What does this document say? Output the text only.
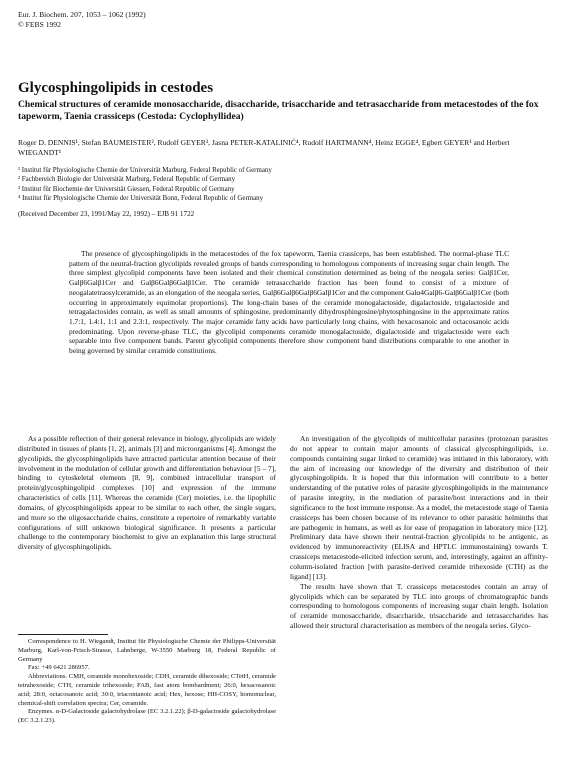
Eur. J. Biochem. 207, 1053 – 1062 (1992)
© FEBS 1992
Glycosphingolipids in cestodes
Chemical structures of ceramide monosaccharide, disaccharide, trisaccharide and tetrasaccharide from metacestodes of the fox tapeworm, Taenia crassiceps (Cestoda: Cyclophyllidea)
Roger D. DENNIS¹, Stefan BAUMEISTER², Rudolf GEYER³, Jasna PETER-KATALINIĆ⁴, Rudolf HARTMANN⁴, Heinz EGGE⁴, Egbert GEYER¹ and Herbert WIEGANDT¹
¹ Institut für Physiologische Chemie der Universität Marburg, Federal Republic of Germany
² Fachbereich Biologie der Universität Marburg, Federal Republic of Germany
³ Institut für Biochemie der Universität Giessen, Federal Republic of Germany
⁴ Institut für Physiologische Chemie der Universität Bonn, Federal Republic of Germany
(Received December 23, 1991/May 22, 1992) – EJB 91 1722

The presence of glycosphingolipids in the metacestodes of the fox tapeworm, Taenia crassiceps, has been established. The normal-phase TLC pattern of the neutral-fraction glycolipids revealed groups of bands corresponding to homologous components of increasing sugar chain length. The three simplest glycolipid components have been isolated and their chemical constitution determined as being of the neogala series: Galβ1Cer, Galβ6Galβ1Cer and Galβ6Galβ6Galβ1Cer. The ceramide tetrasaccharide fraction has been found to consist of a mixture of neogalatetraosylceramide, as an elongation of the neogala series, Galβ6Galβ6Galβ6Galβ1Cer and the component Galα4Galβ6-Galβ6Galβ1Cer (both occurring in approximately equimolar proportions). The long-chain bases of the ceramide monogalactoside, digalactoside, trigalactoside and tetragalactosides contain, as well as small amounts of sphingosine, predominantly dihydrosphingosine/phytosphingosine in the approximate ratios 1.7:1, 1.4:1, 1:1 and 2.3:1, respectively. The major ceramide fatty acids have particularly long chains, with hexacosanoic and octacosanoic acids predominating. Upon reverse-phase TLC, the glycolipid components ceramide monogalactoside, digalactoside and trigalactoside were each separable into five component bands. Parent glycolipid components therefore show component band distributions comparable to one another in being governed by similar ceramide constitutions.

As a possible reflection of their general relevance in biology, glycolipids are widely distributed in tissues of plants [1, 2], animals [3] and microorganisms [4]. Amongst the glycolipids, the glycosphingolipids have attracted particular attention because of their involvement in the modulation of cellular growth and differentiation behaviour [5 – 7], binding to cytoskeletal elements [8, 9], combined intracellular transport of protein/glycosphingolipid complexes [10] and expression of the immune characteristics of cells [11]. Whereas the ceramide (Cer) moieties, i.e. the lipophilic domains, of glycosphingolipids appear to be similar to each other, the single sugars, and more so the oligosaccharide chains, constitute a repertoire of remarkably variable configurations of still unknown biological significance. It presents a particular challenge to the contemporary biochemist to give an explanation this large structural diversity of glycosphingolipids.

An investigation of the glycolipids of multicellular parasites (protozoan parasites do not appear to contain major amounts of classical glycosphingolipids, i.e. compounds containing sugar linked to ceramide) was initiated in this laboratory, with the aim of increasing our knowledge of the diversity and distribution of their glycosphingolipids. It is hoped that this information will contribute to a better understanding of the putative roles of parasite glycosphingolipids in the maintenance of parasite integrity, in the mediation of parasite/host interactions and in their significance to the host immune response. As a model, the metacestode stage of Taenia crassiceps has been chosen because of its relevance to other parasitic helminths that are pathogenic in humans, as well as for ease of propagation in laboratory mice [12]. Preliminary data have shown their neutral-fraction glycolipids to be antigenic, as evidenced by immunoreactivity (ELISA and HPTLC immunostaining) towards T. crassiceps metacestode-elicited infection serum, and, interestingly, against an affinity-column-isolated fraction [with parasite-derived ceramide trihexoside (CTH) as the ligand] [13].

The results have shown that T. crassiceps metacestodes contain an array of glycolipids which can be separated by TLC into groups of chromatographic bands corresponding to homologous components of increasing sugar chain length. Isolation of ceramide monosaccharide, disaccharide, trisaccharide and tetrasaccharides has allowed their structural characterisation as members of the neogala series. Glyco-

Correspondence to H. Wiegandt, Institut für Physiologische Chemie der Philipps-Universität Marburg, Karl-von-Frisch-Strasse, Lahnberge, W-3550 Marburg 18, Federal Republic of Germany

Fax: +49 6421 286957.

Abbreviations. CMH, ceramide monohexoside; CDH, ceramide dihexoside; CTetH, ceramide tetrahexoside; CTH, ceramide trihexoside; FAB, fast atom bombardment; 26:0, hexacosanoic acid; 28:0, octacosanoic acid; 30:0, triacontanoic acid; Hex, hexose; HH-COSY, homonuclear, chemical-shift correlation spectra; Cer, ceramide.

Enzymes. α-D-Galactoside galactohydrolase (EC 3.2.1.22); β-D-galactoside galactohydrolase (EC 3.2.1.23).
